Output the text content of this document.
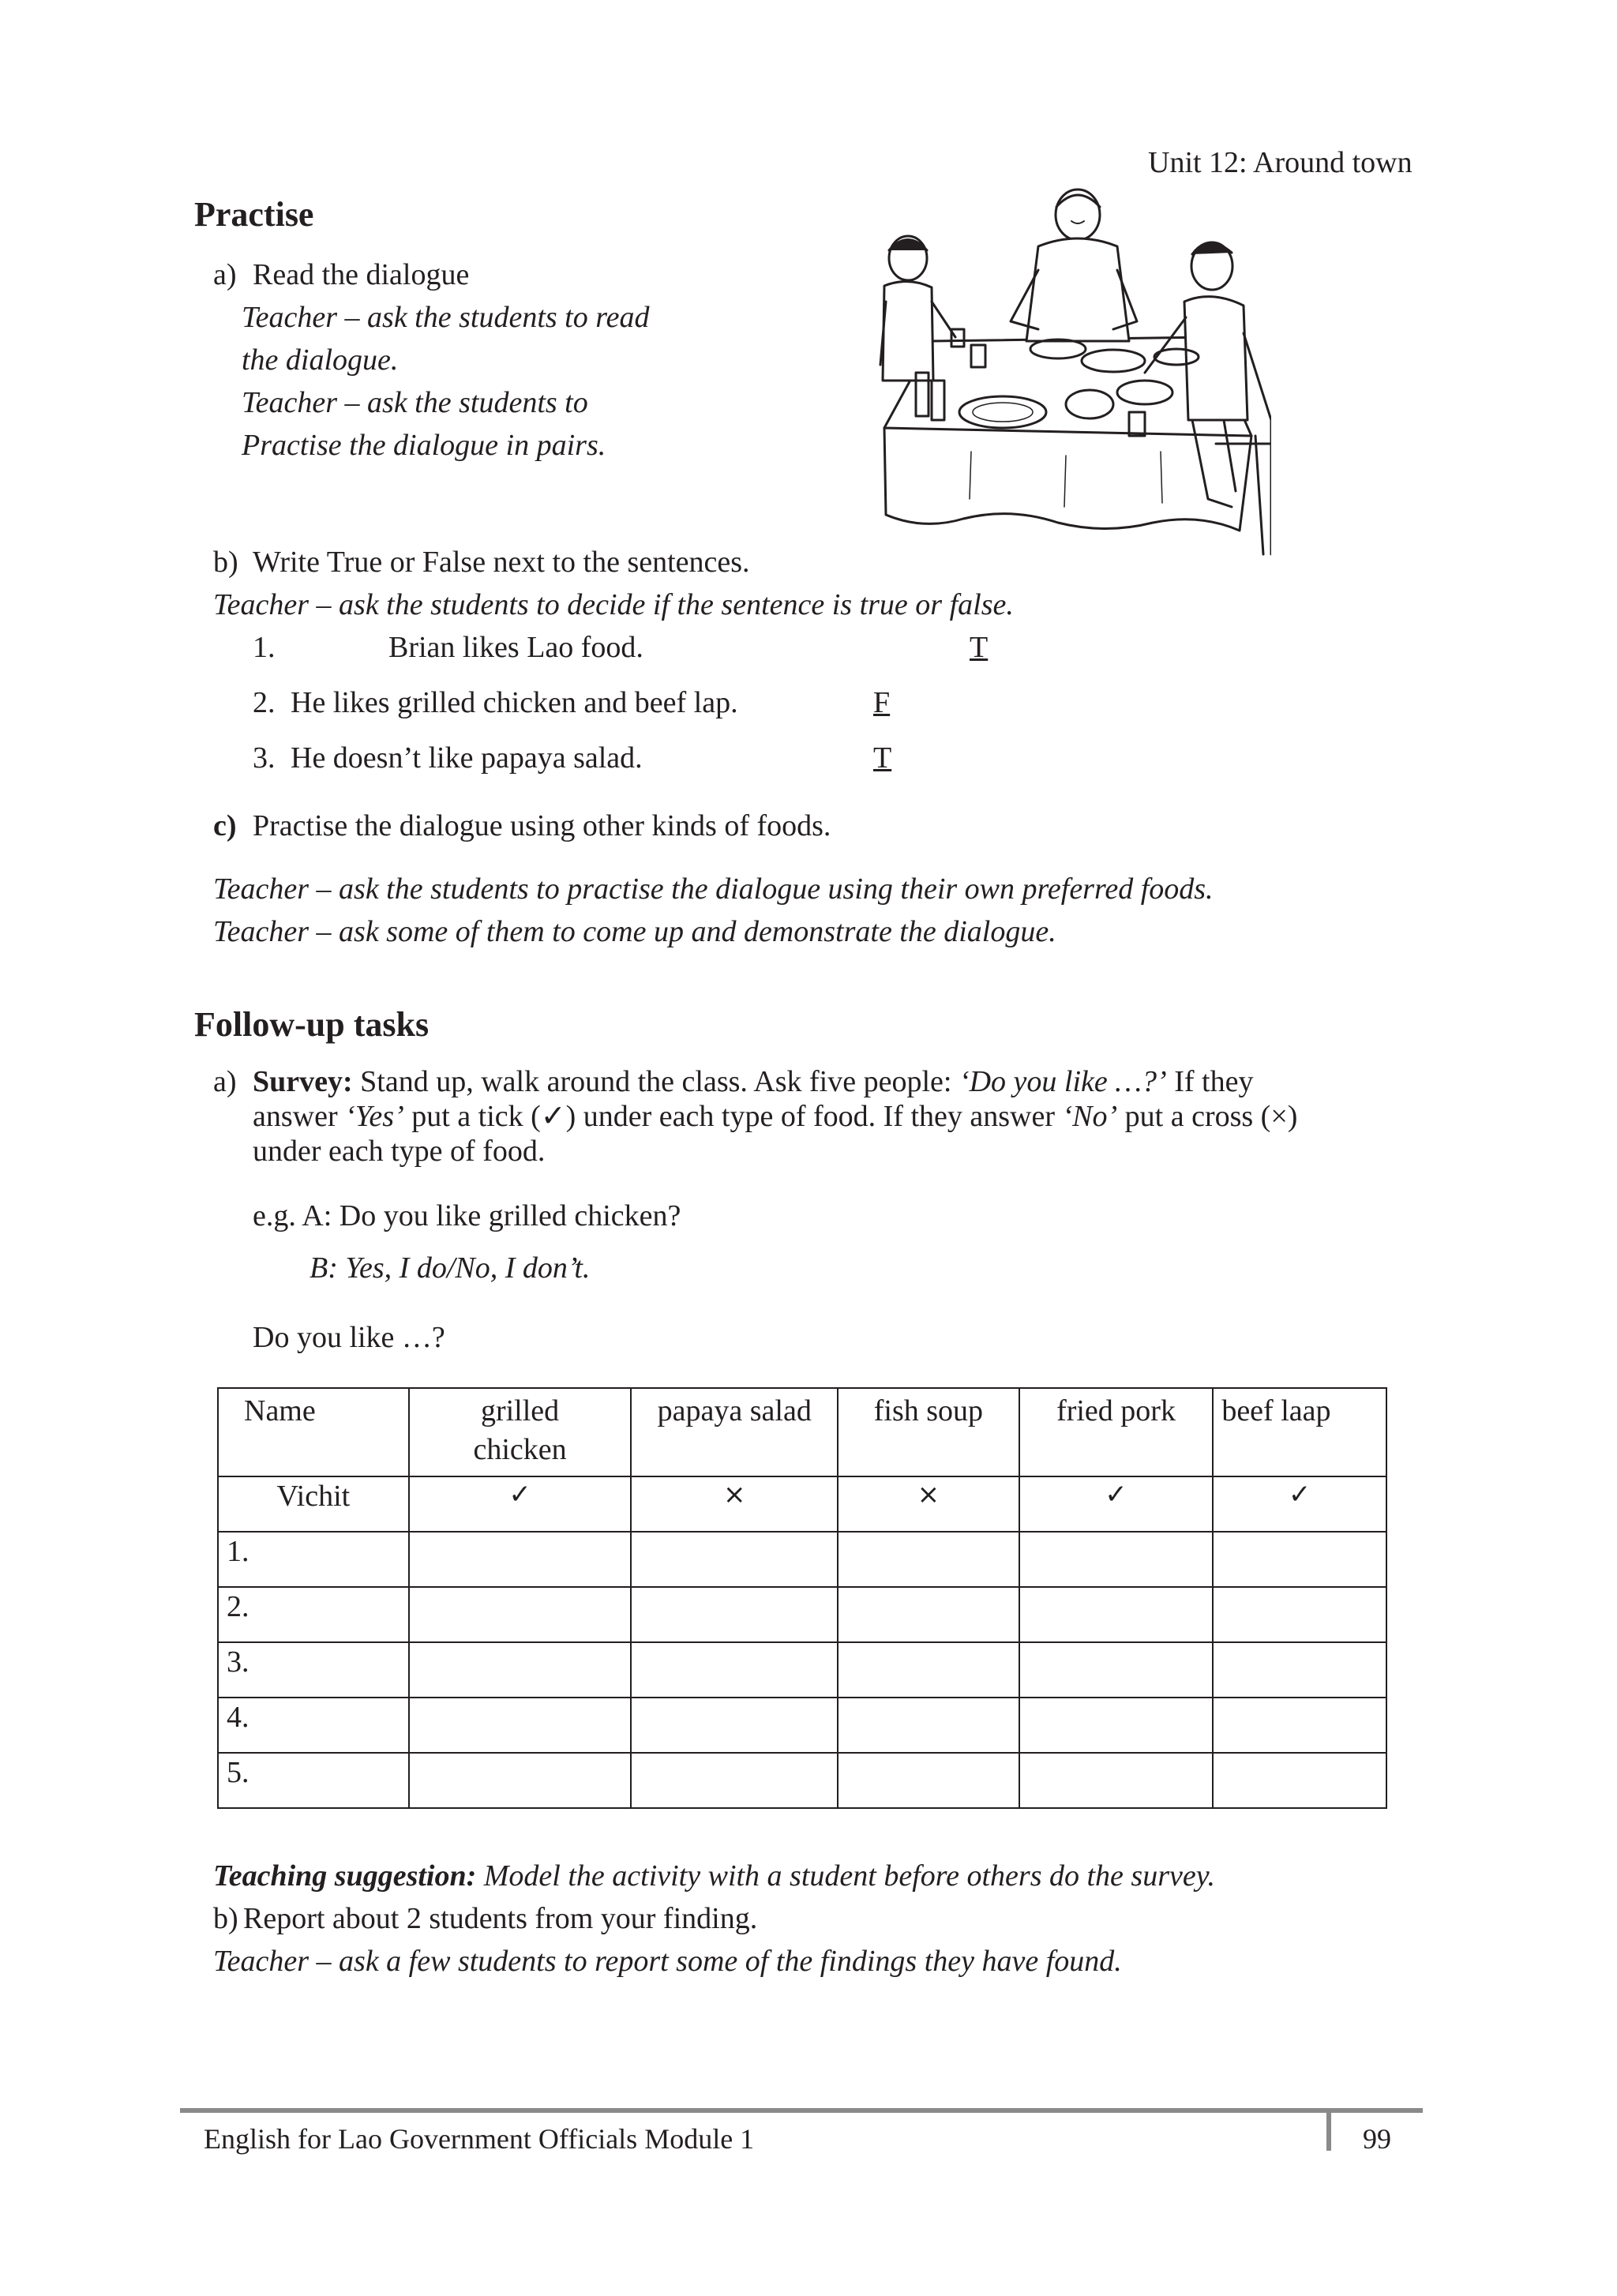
Unit 12: Around town
Practise
a) Read the dialogue
Teacher – ask the students to read
the dialogue.
Teacher – ask the students to
Practise the dialogue in pairs.
b) Write True or False next to the sentences.
Teacher – ask the students to decide if the sentence is true or false.
1.	Brian likes Lao food.	T
2. He likes grilled chicken and beef lap.	F
3. He doesn’t like papaya salad.	T
c) Practise the dialogue using other kinds of foods.
Teacher – ask the students to practise the dialogue using their own preferred foods.
Teacher – ask some of them to come up and demonstrate the dialogue.
Follow-up tasks
a) Survey: Stand up, walk around the class. Ask five people: ‘Do you like …?’ If they
answer ‘Yes’ put a tick (✓) under each type of food. If they answer ‘No’ put a cross (×)
under each type of food.
e.g. A: Do you like grilled chicken?
B: Yes, I do/No, I don’t.
Do you like …?
Name	grilled chicken	papaya salad	fish soup	fried pork	beef laap
Vichit	✓	×	×	✓	✓
1.					
2.					
3.					
4.					
5.					
Teaching suggestion: Model the activity with a student before others do the survey.
b) Report about 2 students from your finding.
Teacher – ask a few students to report some of the findings they have found.
English for Lao Government Officials Module 1	99
